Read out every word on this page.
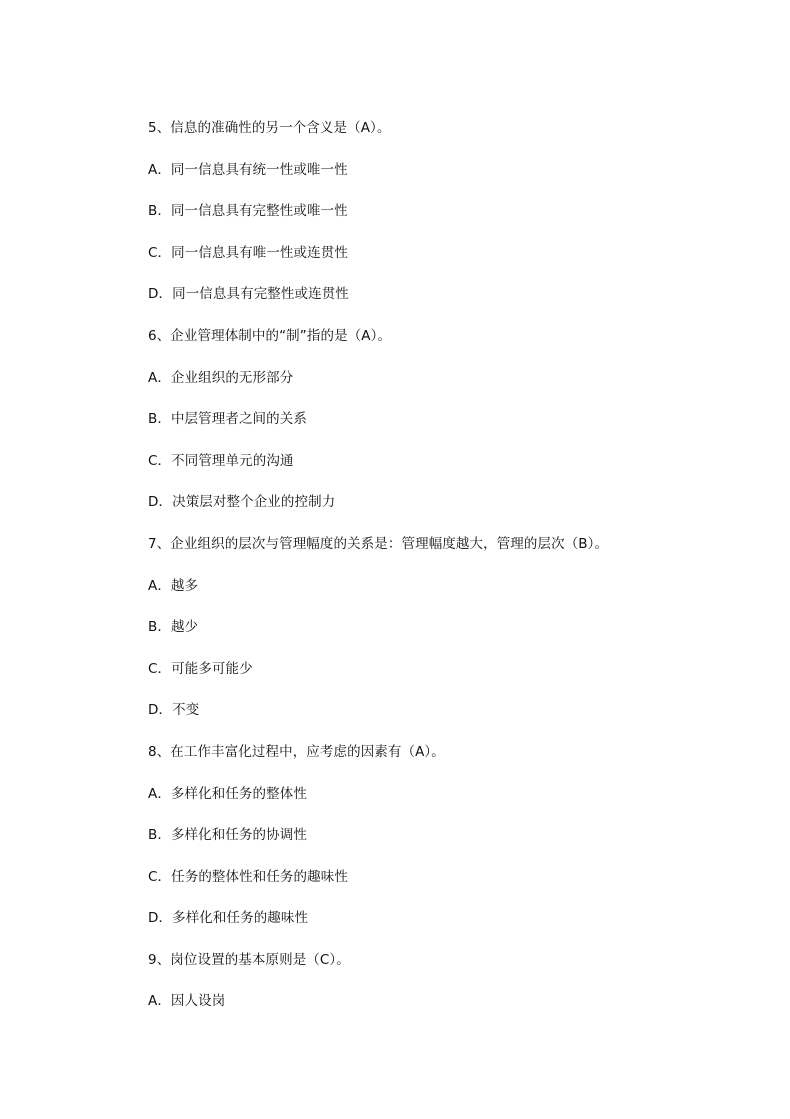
5、信息的准确性的另一个含义是（A）。
A．同一信息具有统一性或唯一性
B．同一信息具有完整性或唯一性
C．同一信息具有唯一性或连贯性
D．同一信息具有完整性或连贯性
6、企业管理体制中的“制”指的是（A）。
A．企业组织的无形部分
B．中层管理者之间的关系
C．不同管理单元的沟通
D．决策层对整个企业的控制力
7、企业组织的层次与管理幅度的关系是：管理幅度越大，管理的层次（B）。
A．越多
B．越少
C．可能多可能少
D．不变
8、在工作丰富化过程中，应考虑的因素有（A）。
A．多样化和任务的整体性
B．多样化和任务的协调性
C．任务的整体性和任务的趣味性
D．多样化和任务的趣味性
9、岗位设置的基本原则是（C）。
A．因人设岗
